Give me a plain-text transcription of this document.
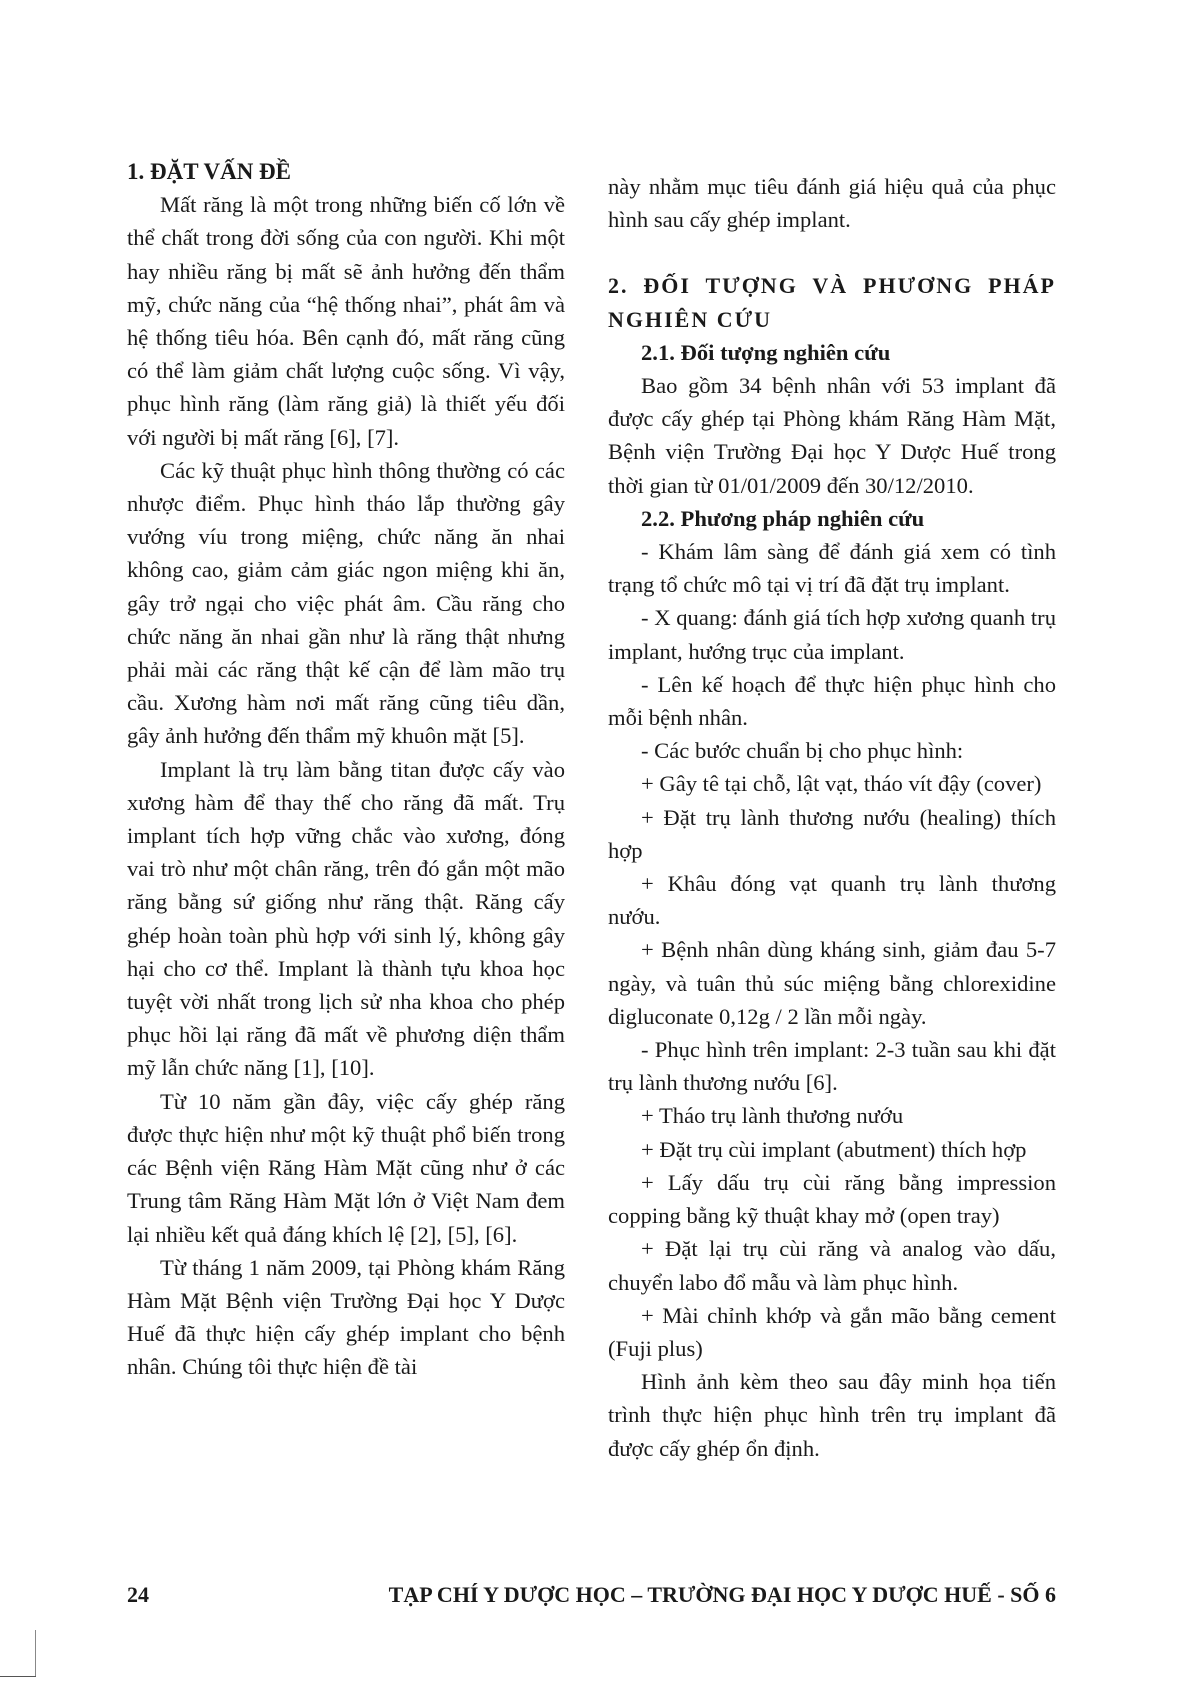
1. ĐẶT VẤN ĐỀ

Mất răng là một trong những biến cố lớn về thể chất trong đời sống của con người. Khi một hay nhiều răng bị mất sẽ ảnh hưởng đến thẩm mỹ, chức năng của “hệ thống nhai”, phát âm và hệ thống tiêu hóa. Bên cạnh đó, mất răng cũng có thể làm giảm chất lượng cuộc sống. Vì vậy, phục hình răng (làm răng giả) là thiết yếu đối với người bị mất răng [6], [7].

Các kỹ thuật phục hình thông thường có các nhược điểm. Phục hình tháo lắp thường gây vướng víu trong miệng, chức năng ăn nhai không cao, giảm cảm giác ngon miệng khi ăn, gây trở ngại cho việc phát âm. Cầu răng cho chức năng ăn nhai gần như là răng thật nhưng phải mài các răng thật kế cận để làm mão trụ cầu. Xương hàm nơi mất răng cũng tiêu dần, gây ảnh hưởng đến thẩm mỹ khuôn mặt [5].

Implant là trụ làm bằng titan được cấy vào xương hàm để thay thế cho răng đã mất. Trụ implant tích hợp vững chắc vào xương, đóng vai trò như một chân răng, trên đó gắn một mão răng bằng sứ giống như răng thật. Răng cấy ghép hoàn toàn phù hợp với sinh lý, không gây hại cho cơ thể. Implant là thành tựu khoa học tuyệt vời nhất trong lịch sử nha khoa cho phép phục hồi lại răng đã mất về phương diện thẩm mỹ lẫn chức năng [1], [10].

Từ 10 năm gần đây, việc cấy ghép răng được thực hiện như một kỹ thuật phổ biến trong các Bệnh viện Răng Hàm Mặt cũng như ở các Trung tâm Răng Hàm Mặt lớn ở Việt Nam đem lại nhiều kết quả đáng khích lệ [2], [5], [6].

Từ tháng 1 năm 2009, tại Phòng khám Răng Hàm Mặt Bệnh viện Trường Đại học Y Dược Huế đã thực hiện cấy ghép implant cho bệnh nhân. Chúng tôi thực hiện đề tài

này nhằm mục tiêu đánh giá hiệu quả của phục hình sau cấy ghép implant.

2. ĐỐI TƯỢNG VÀ PHƯƠNG PHÁP NGHIÊN CỨU

2.1. Đối tượng nghiên cứu

Bao gồm 34 bệnh nhân với 53 implant đã được cấy ghép tại Phòng khám Răng Hàm Mặt, Bệnh viện Trường Đại học Y Dược Huế trong thời gian từ 01/01/2009 đến 30/12/2010.

2.2. Phương pháp nghiên cứu

- Khám lâm sàng để đánh giá xem có tình trạng tổ chức mô tại vị trí đã đặt trụ implant.

- X quang: đánh giá tích hợp xương quanh trụ implant, hướng trục của implant.

- Lên kế hoạch để thực hiện phục hình cho mỗi bệnh nhân.

- Các bước chuẩn bị cho phục hình:

+ Gây tê tại chỗ, lật vạt, tháo vít đậy (cover)

+ Đặt trụ lành thương nướu (healing) thích hợp

+ Khâu đóng vạt quanh trụ lành thương nướu.

+ Bệnh nhân dùng kháng sinh, giảm đau 5-7 ngày, và tuân thủ súc miệng bằng chlorexidine digluconate 0,12g / 2 lần mỗi ngày.

- Phục hình trên implant: 2-3 tuần sau khi đặt trụ lành thương nướu [6].

+ Tháo trụ lành thương nướu

+ Đặt trụ cùi implant (abutment) thích hợp

+ Lấy dấu trụ cùi răng bằng impression copping bằng kỹ thuật khay mở (open tray)

+ Đặt lại trụ cùi răng và analog vào dấu, chuyển labo đổ mẫu và làm phục hình.

+ Mài chỉnh khớp và gắn mão bằng cement (Fuji plus)

Hình ảnh kèm theo sau đây minh họa tiến trình thực hiện phục hình trên trụ implant đã được cấy ghép ổn định.

24	TẠP CHÍ Y DƯỢC HỌC – TRƯỜNG ĐẠI HỌC Y DƯỢC HUẾ - SỐ 6
